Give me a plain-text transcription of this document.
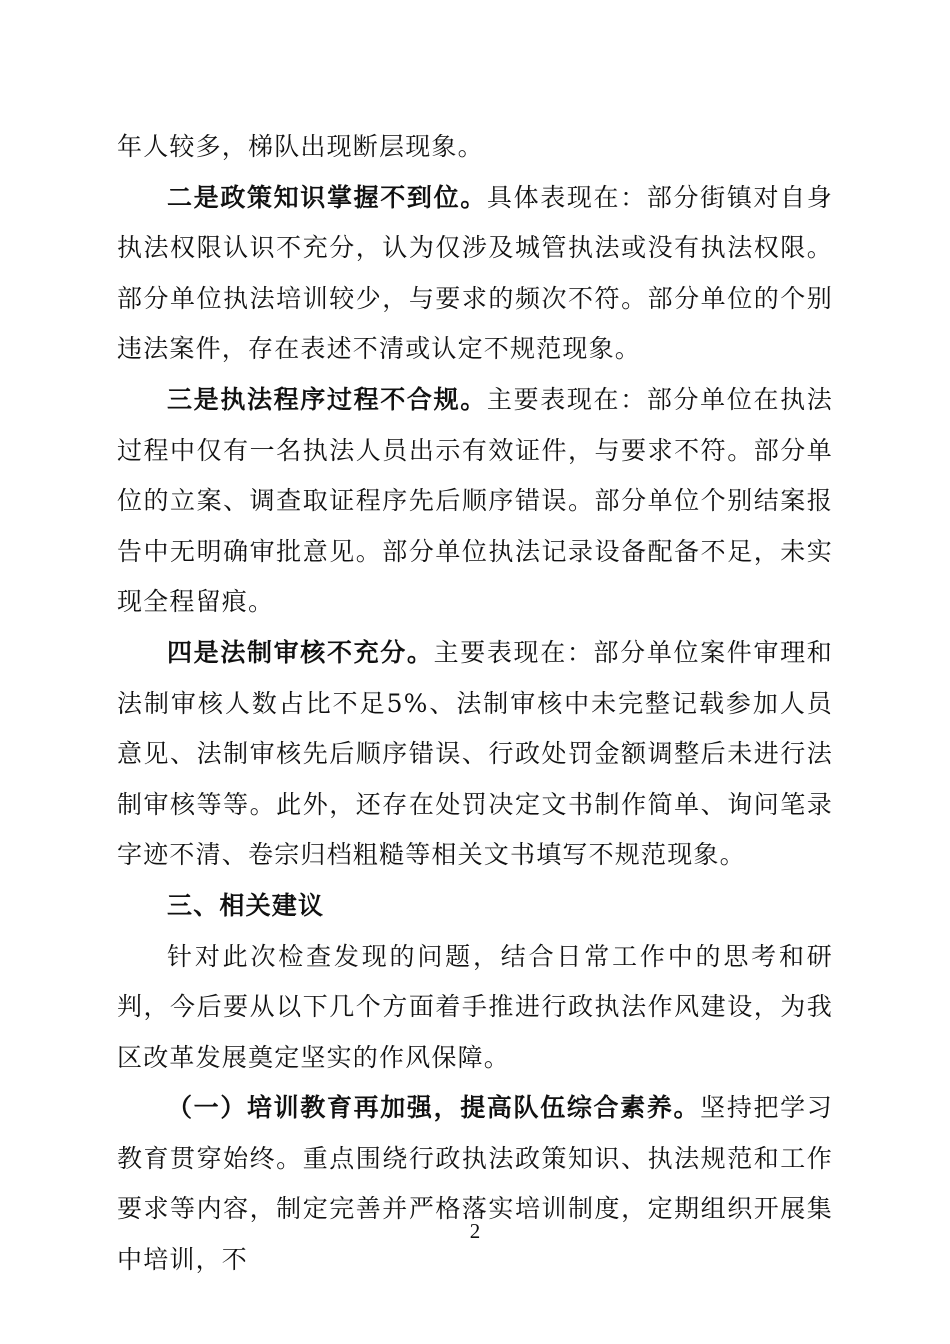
年人较多，梯队出现断层现象。

二是政策知识掌握不到位。具体表现在：部分街镇对自身执法权限认识不充分，认为仅涉及城管执法或没有执法权限。部分单位执法培训较少，与要求的频次不符。部分单位的个别违法案件，存在表述不清或认定不规范现象。

三是执法程序过程不合规。主要表现在：部分单位在执法过程中仅有一名执法人员出示有效证件，与要求不符。部分单位的立案、调查取证程序先后顺序错误。部分单位个别结案报告中无明确审批意见。部分单位执法记录设备配备不足，未实现全程留痕。

四是法制审核不充分。主要表现在：部分单位案件审理和法制审核人数占比不足5%、法制审核中未完整记载参加人员意见、法制审核先后顺序错误、行政处罚金额调整后未进行法制审核等等。此外，还存在处罚决定文书制作简单、询问笔录字迹不清、卷宗归档粗糙等相关文书填写不规范现象。

三、相关建议

针对此次检查发现的问题，结合日常工作中的思考和研判，今后要从以下几个方面着手推进行政执法作风建设，为我区改革发展奠定坚实的作风保障。

（一）培训教育再加强，提高队伍综合素养。坚持把学习教育贯穿始终。重点围绕行政执法政策知识、执法规范和工作要求等内容，制定完善并严格落实培训制度，定期组织开展集中培训，不

2
